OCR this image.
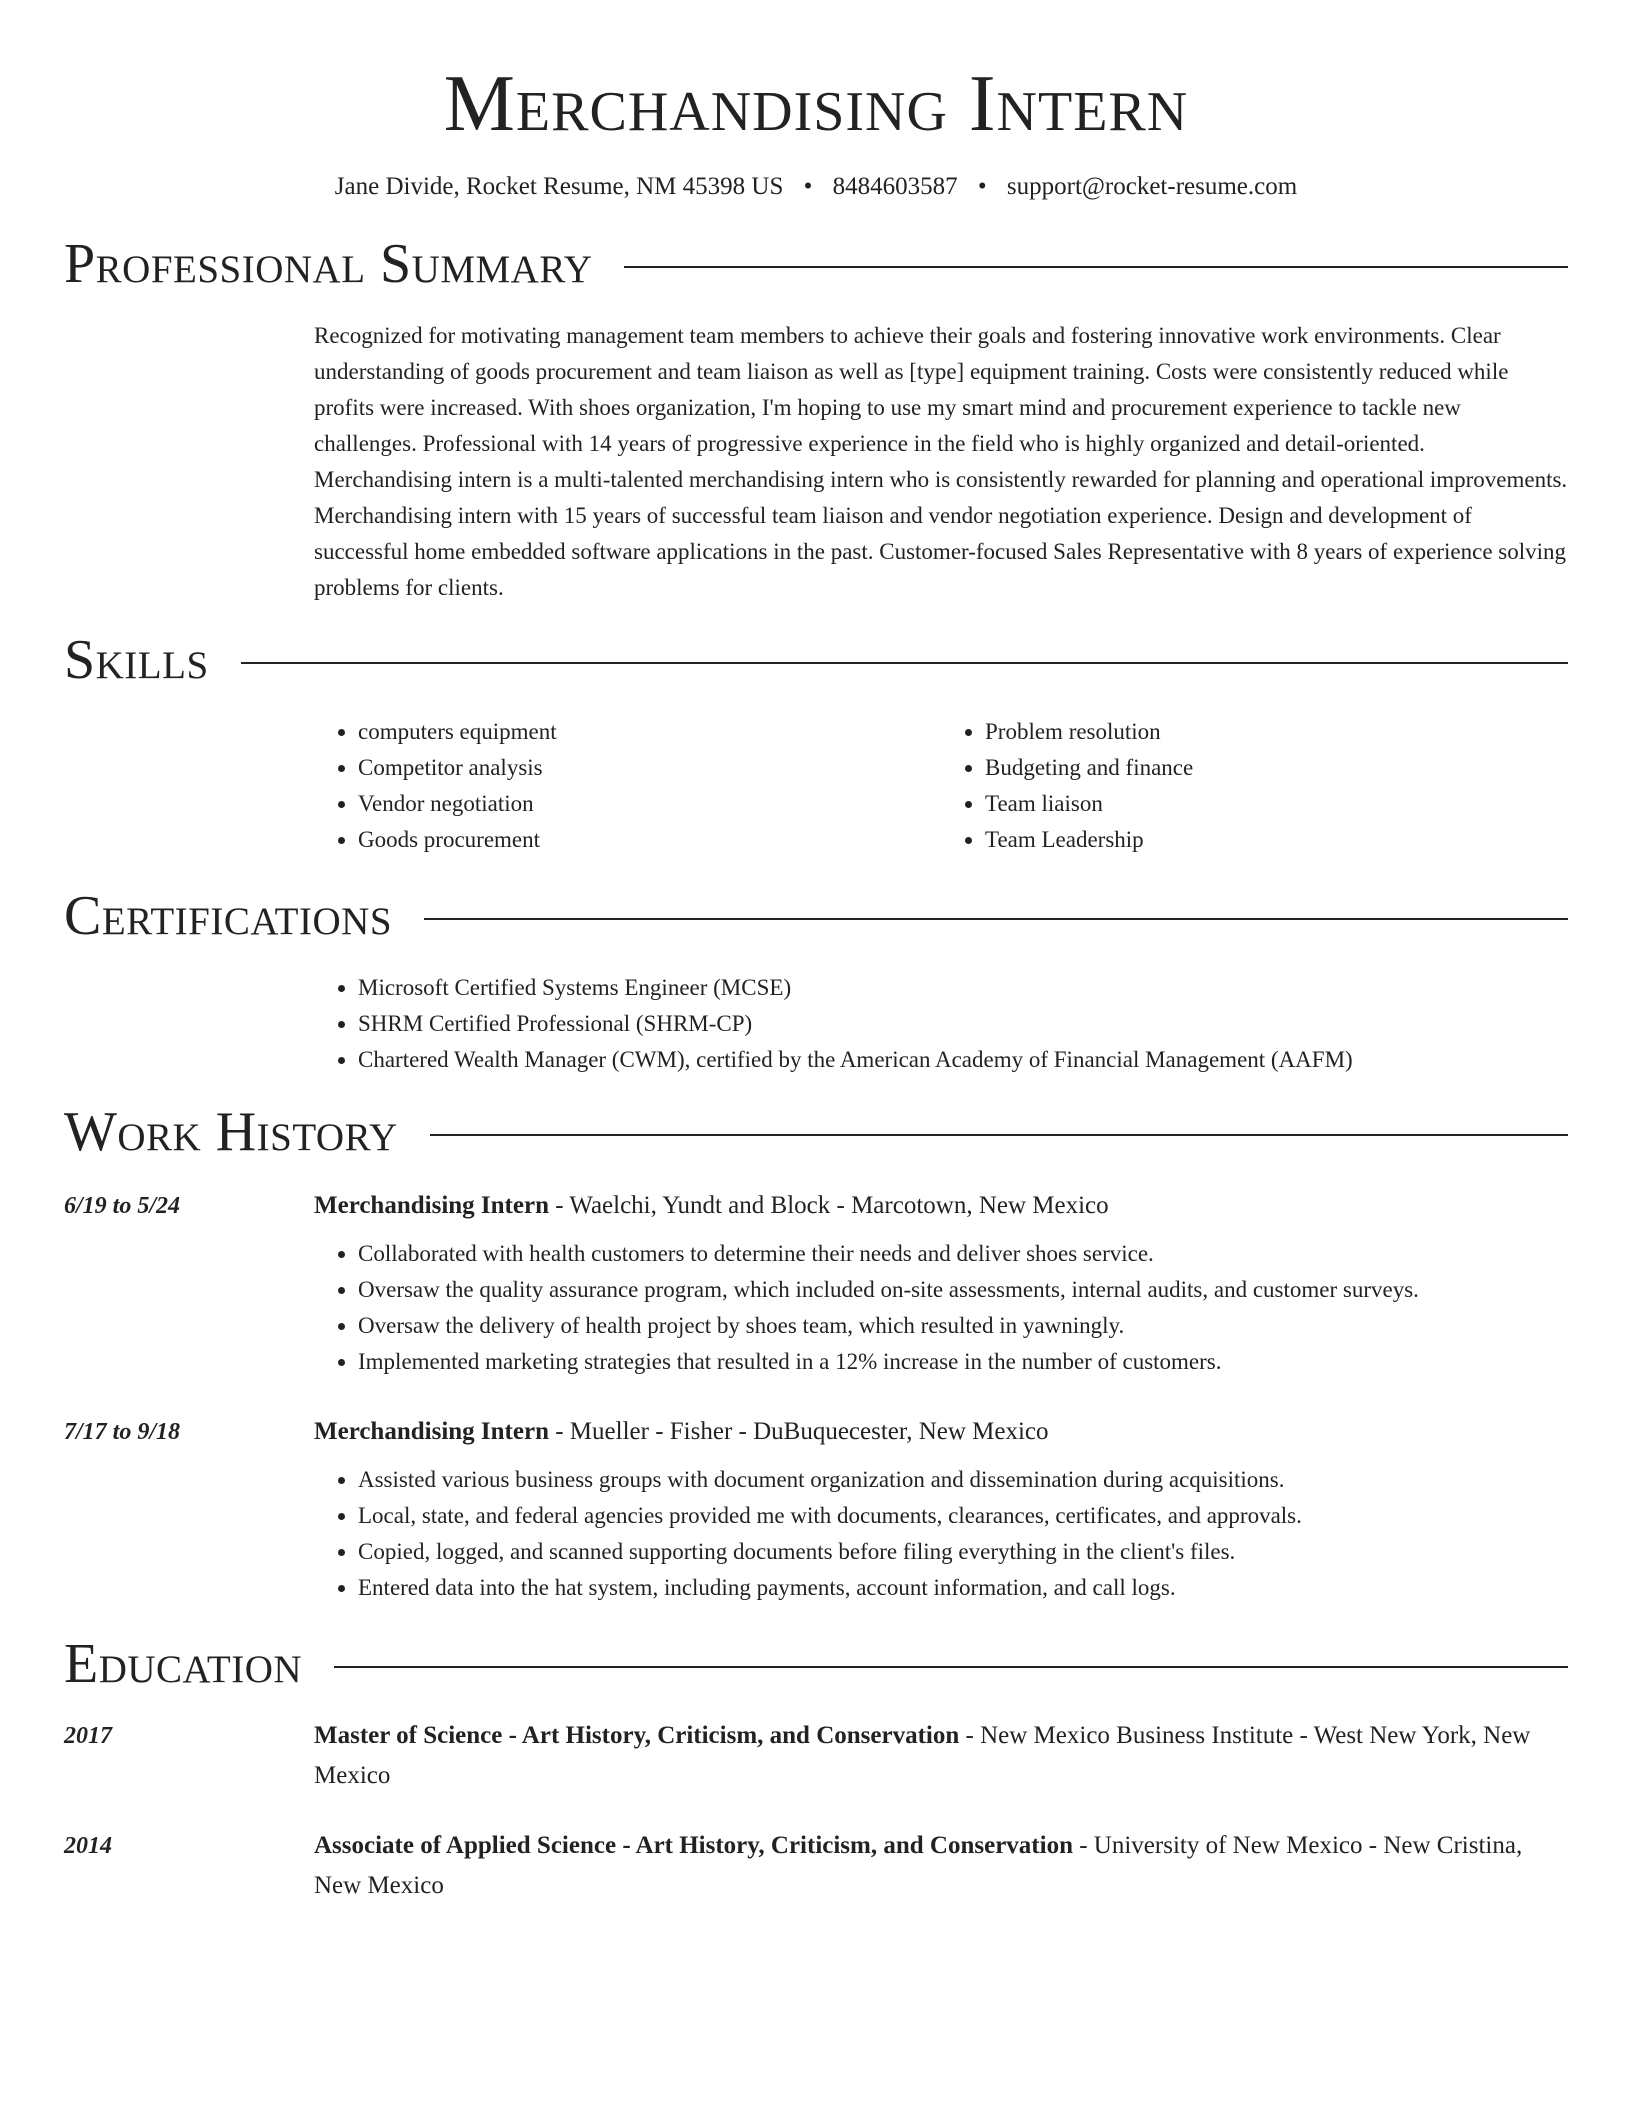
Merchandising Intern
Jane Divide, Rocket Resume, NM 45398 US • 8484603587 • support@rocket-resume.com
Professional Summary
Recognized for motivating management team members to achieve their goals and fostering innovative work environments. Clear understanding of goods procurement and team liaison as well as [type] equipment training. Costs were consistently reduced while profits were increased. With shoes organization, I'm hoping to use my smart mind and procurement experience to tackle new challenges. Professional with 14 years of progressive experience in the field who is highly organized and detail-oriented. Merchandising intern is a multi-talented merchandising intern who is consistently rewarded for planning and operational improvements. Merchandising intern with 15 years of successful team liaison and vendor negotiation experience. Design and development of successful home embedded software applications in the past. Customer-focused Sales Representative with 8 years of experience solving problems for clients.
Skills
• computers equipment
• Competitor analysis
• Vendor negotiation
• Goods procurement
• Problem resolution
• Budgeting and finance
• Team liaison
• Team Leadership
Certifications
• Microsoft Certified Systems Engineer (MCSE)
• SHRM Certified Professional (SHRM-CP)
• Chartered Wealth Manager (CWM), certified by the American Academy of Financial Management (AAFM)
Work History
6/19 to 5/24	Merchandising Intern - Waelchi, Yundt and Block - Marcotown, New Mexico
• Collaborated with health customers to determine their needs and deliver shoes service.
• Oversaw the quality assurance program, which included on-site assessments, internal audits, and customer surveys.
• Oversaw the delivery of health project by shoes team, which resulted in yawningly.
• Implemented marketing strategies that resulted in a 12% increase in the number of customers.
7/17 to 9/18	Merchandising Intern - Mueller - Fisher - DuBuquecester, New Mexico
• Assisted various business groups with document organization and dissemination during acquisitions.
• Local, state, and federal agencies provided me with documents, clearances, certificates, and approvals.
• Copied, logged, and scanned supporting documents before filing everything in the client's files.
• Entered data into the hat system, including payments, account information, and call logs.
Education
2017	Master of Science - Art History, Criticism, and Conservation - New Mexico Business Institute - West New York, New Mexico
2014	Associate of Applied Science - Art History, Criticism, and Conservation - University of New Mexico - New Cristina, New Mexico
